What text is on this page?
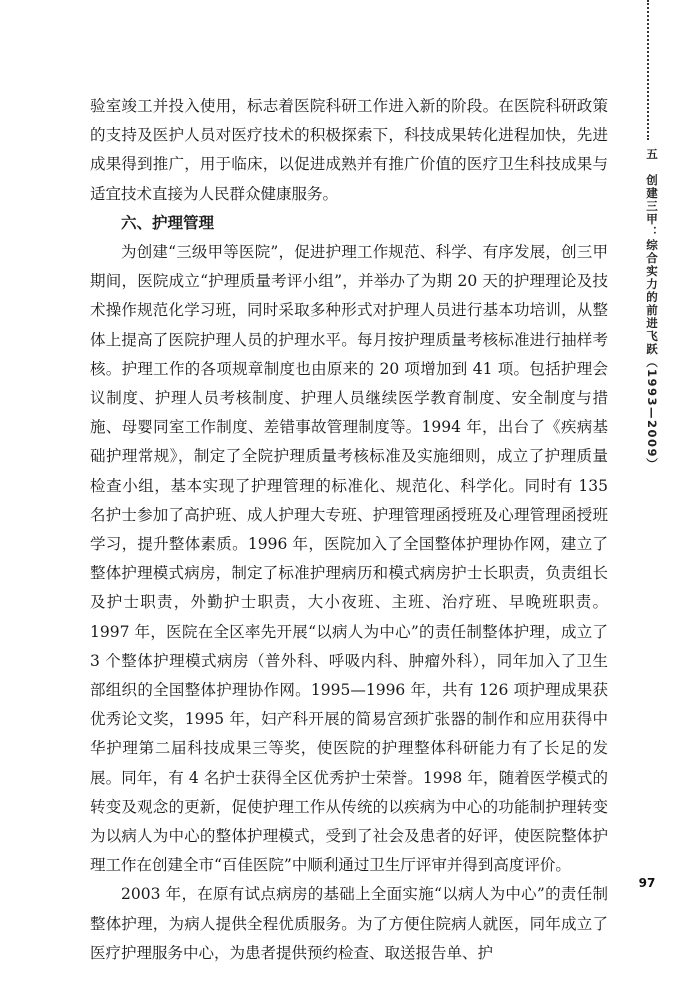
验室竣工并投入使用，标志着医院科研工作进入新的阶段。在医院科研政策的支持及医护人员对医疗技术的积极探索下，科技成果转化进程加快，先进成果得到推广，用于临床，以促进成熟并有推广价值的医疗卫生科技成果与适宜技术直接为人民群众健康服务。

六、护理管理

为创建“三级甲等医院”，促进护理工作规范、科学、有序发展，创三甲期间，医院成立“护理质量考评小组”，并举办了为期 20 天的护理理论及技术操作规范化学习班，同时采取多种形式对护理人员进行基本功培训，从整体上提高了医院护理人员的护理水平。每月按护理质量考核标准进行抽样考核。护理工作的各项规章制度也由原来的 20 项增加到 41 项。包括护理会议制度、护理人员考核制度、护理人员继续医学教育制度、安全制度与措施、母婴同室工作制度、差错事故管理制度等。1994 年，出台了《疾病基础护理常规》，制定了全院护理质量考核标准及实施细则，成立了护理质量检查小组，基本实现了护理管理的标准化、规范化、科学化。同时有 135 名护士参加了高护班、成人护理大专班、护理管理函授班及心理管理函授班学习，提升整体素质。1996 年，医院加入了全国整体护理协作网，建立了整体护理模式病房，制定了标准护理病历和模式病房护士长职责，负责组长及护士职责，外勤护士职责，大小夜班、主班、治疗班、早晚班职责。1997 年，医院在全区率先开展“以病人为中心”的责任制整体护理，成立了 3 个整体护理模式病房（普外科、呼吸内科、肿瘤外科），同年加入了卫生部组织的全国整体护理协作网。1995—1996 年，共有 126 项护理成果获优秀论文奖，1995 年，妇产科开展的简易宫颈扩张器的制作和应用获得中华护理第二届科技成果三等奖，使医院的护理整体科研能力有了长足的发展。同年，有 4 名护士获得全区优秀护士荣誉。1998 年，随着医学模式的转变及观念的更新，促使护理工作从传统的以疾病为中心的功能制护理转变为以病人为中心的整体护理模式，受到了社会及患者的好评，使医院整体护理工作在创建全市“百佳医院”中顺利通过卫生厅评审并得到高度评价。

2003 年，在原有试点病房的基础上全面实施“以病人为中心”的责任制整体护理，为病人提供全程优质服务。为了方便住院病人就医，同年成立了医疗护理服务中心，为患者提供预约检查、取送报告单、护

五　创建三甲：综合实力的前进飞跃（1993—2009）
97
